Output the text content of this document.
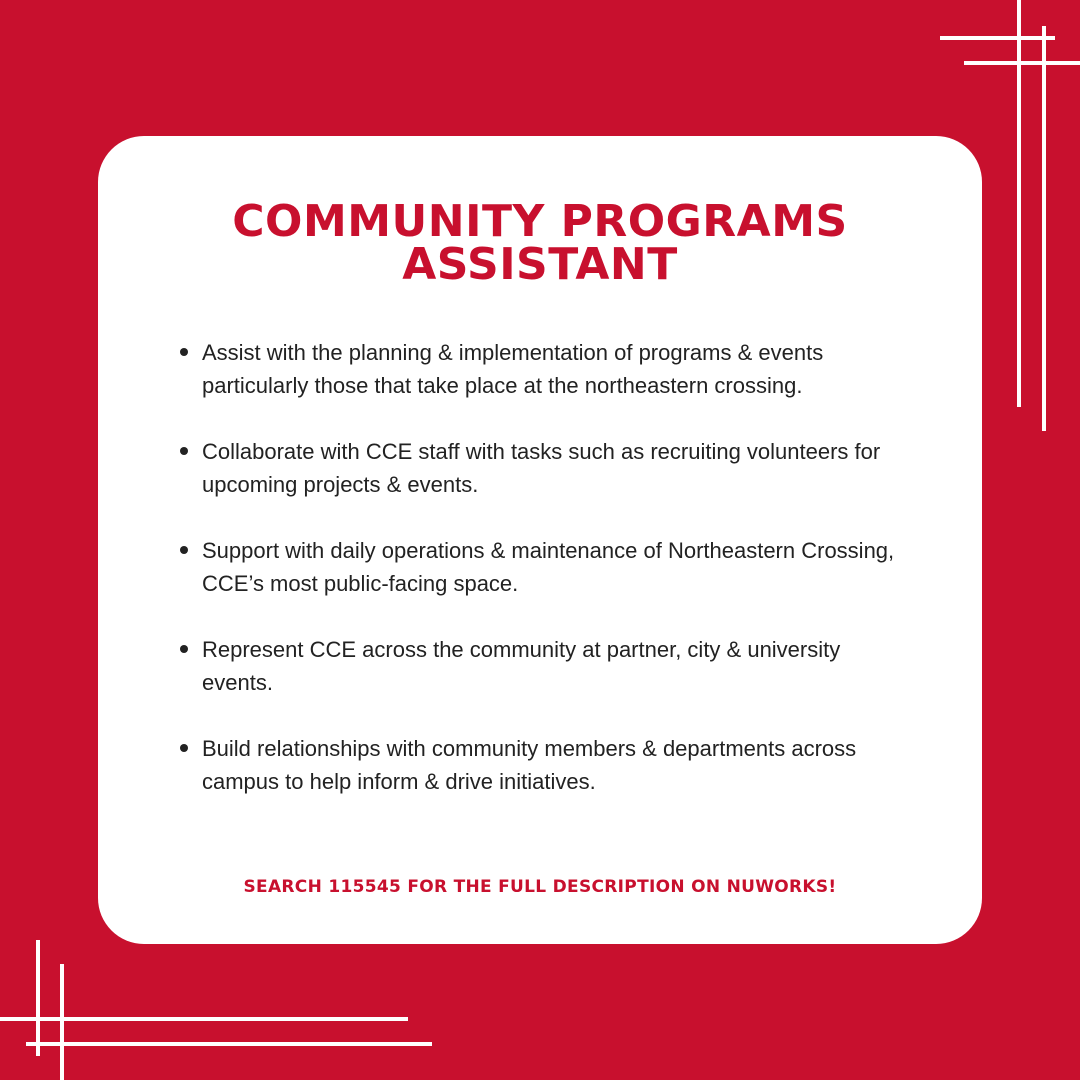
COMMUNITY PROGRAMS
ASSISTANT
Assist with the planning & implementation of programs & events particularly those that take place at the northeastern crossing.
Collaborate with CCE staff with tasks such as recruiting volunteers for upcoming projects & events.
Support with daily operations & maintenance of Northeastern Crossing, CCE’s most public-facing space.
Represent CCE across the community at partner, city & university events.
Build relationships with community members & departments across campus to help inform & drive initiatives.

SEARCH 115545 FOR THE FULL DESCRIPTION ON NUWORKS!
